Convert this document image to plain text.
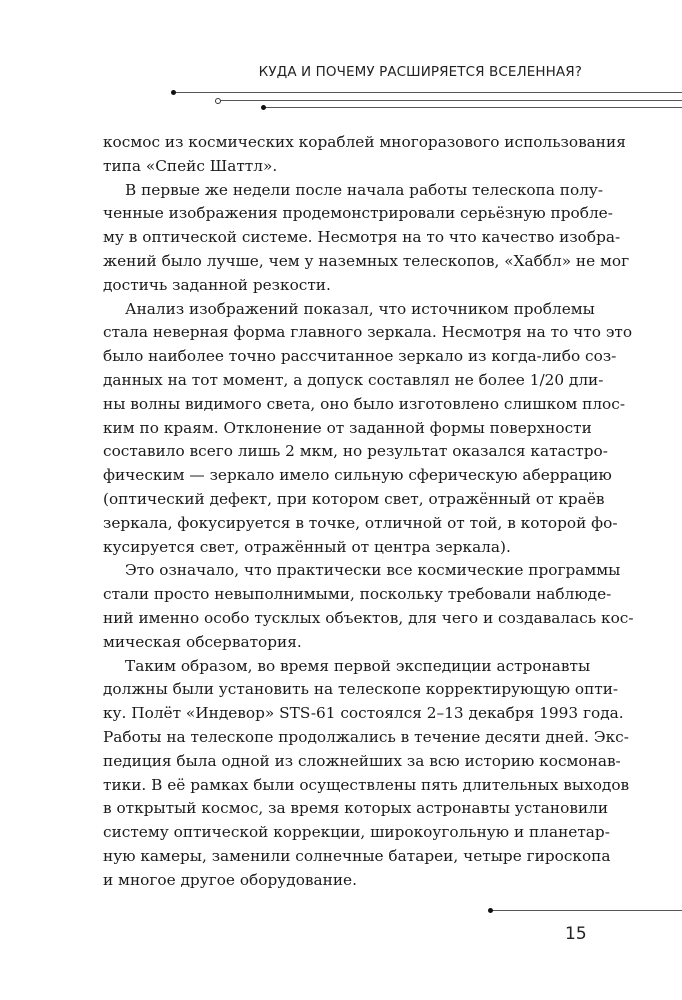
КУДА И ПОЧЕМУ РАСШИРЯЕТСЯ ВСЕЛЕННАЯ?
космос из космических кораблей многоразового использования
типа «Спейс Шаттл».
В первые же недели после начала работы телескопа полу-
ченные изображения продемонстрировали серьёзную пробле-
му в оптической системе. Несмотря на то что качество изобра-
жений было лучше, чем у наземных телескопов, «Хаббл» не мог
достичь заданной резкости.
Анализ изображений показал, что источником проблемы
стала неверная форма главного зеркала. Несмотря на то что это
было наиболее точно рассчитанное зеркало из когда-либо соз-
данных на тот момент, а допуск составлял не более 1/20 дли-
ны волны видимого света, оно было изготовлено слишком плос-
ким по краям. Отклонение от заданной формы поверхности
составило всего лишь 2 мкм, но результат оказался катастро-
фическим — зеркало имело сильную сферическую аберрацию
(оптический дефект, при котором свет, отражённый от краёв
зеркала, фокусируется в точке, отличной от той, в которой фо-
кусируется свет, отражённый от центра зеркала).
Это означало, что практически все космические программы
стали просто невыполнимыми, поскольку требовали наблюде-
ний именно особо тусклых объектов, для чего и создавалась кос-
мическая обсерватория.
Таким образом, во время первой экспедиции астронавты
должны были установить на телескопе корректирующую опти-
ку. Полёт «Индевор» STS-61 состоялся 2–13 декабря 1993 года.
Работы на телескопе продолжались в течение десяти дней. Экс-
педиция была одной из сложнейших за всю историю космонав-
тики. В её рамках были осуществлены пять длительных выходов
в открытый космос, за время которых астронавты установили
систему оптической коррекции, широкоугольную и планетар-
ную камеры, заменили солнечные батареи, четыре гироскопа
и многое другое оборудование.
15
